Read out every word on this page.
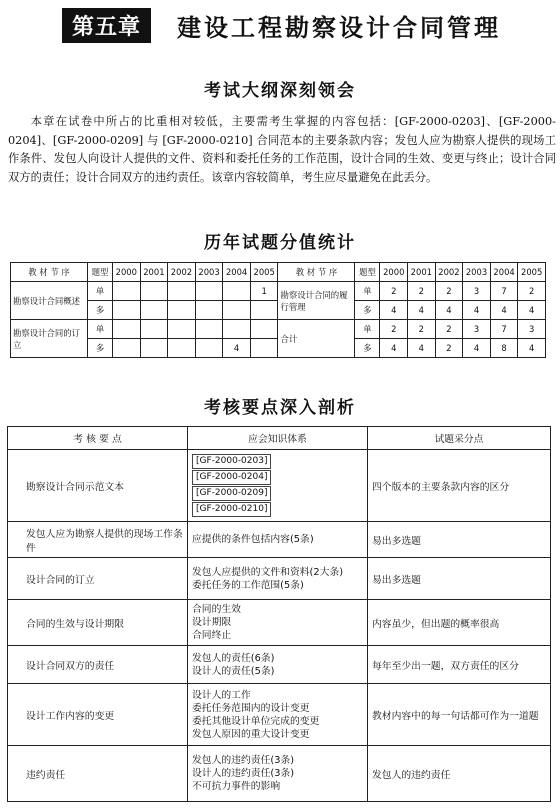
第五章	建设工程勘察设计合同管理
考试大纲深刻领会
本章在试卷中所占的比重相对较低，主要需考生掌握的内容包括：[GF-2000-0203]、[GF-2000-0204]、[GF-2000-0209] 与 [GF-2000-0210] 合同范本的主要条款内容；发包人应为勘察人提供的现场工作条件、发包人向设计人提供的文件、资料和委托任务的工作范围，设计合同的生效、变更与终止；设计合同双方的责任；设计合同双方的违约责任。该章内容较简单，考生应尽量避免在此丢分。
历年试题分值统计
教 材 节 序	题型	2000	2001	2002	2003	2004	2005	教 材 节 序	题型	2000	2001	2002	2003	2004	2005
勘察设计合同概述	单						1	勘察设计合同的履行管理	单	2	2	2	3	7	2
	多								多	4	4	4	4	4	4
勘察设计合同的订立	单							合计	单	2	2	2	3	7	3
	多					4			多	4	4	2	4	8	4
考核要点深入剖析
考 核 要 点	应会知识体系	试题采分点
勘察设计合同示范文本	[GF-2000-0203]
[GF-2000-0204]
[GF-2000-0209]
[GF-2000-0210]	四个版本的主要条款内容的区分
发包人应为勘察人提供的现场工作条件	应提供的条件包括内容(5条)	易出多选题
设计合同的订立	发包人应提供的文件和资料(2大条)
委托任务的工作范围(5条)	易出多选题
合同的生效与设计期限	合同的生效
设计期限
合同终止	内容虽少，但出题的概率很高
设计合同双方的责任	发包人的责任(6条)
设计人的责任(5条)	每年至少出一题，双方责任的区分
设计工作内容的变更	设计人的工作
委托任务范围内的设计变更
委托其他设计单位完成的变更
发包人原因的重大设计变更	教材内容中的每一句话都可作为一道题
违约责任	发包人的违约责任(3条)
设计人的违约责任(3条)
不可抗力事件的影响	发包人的违约责任
